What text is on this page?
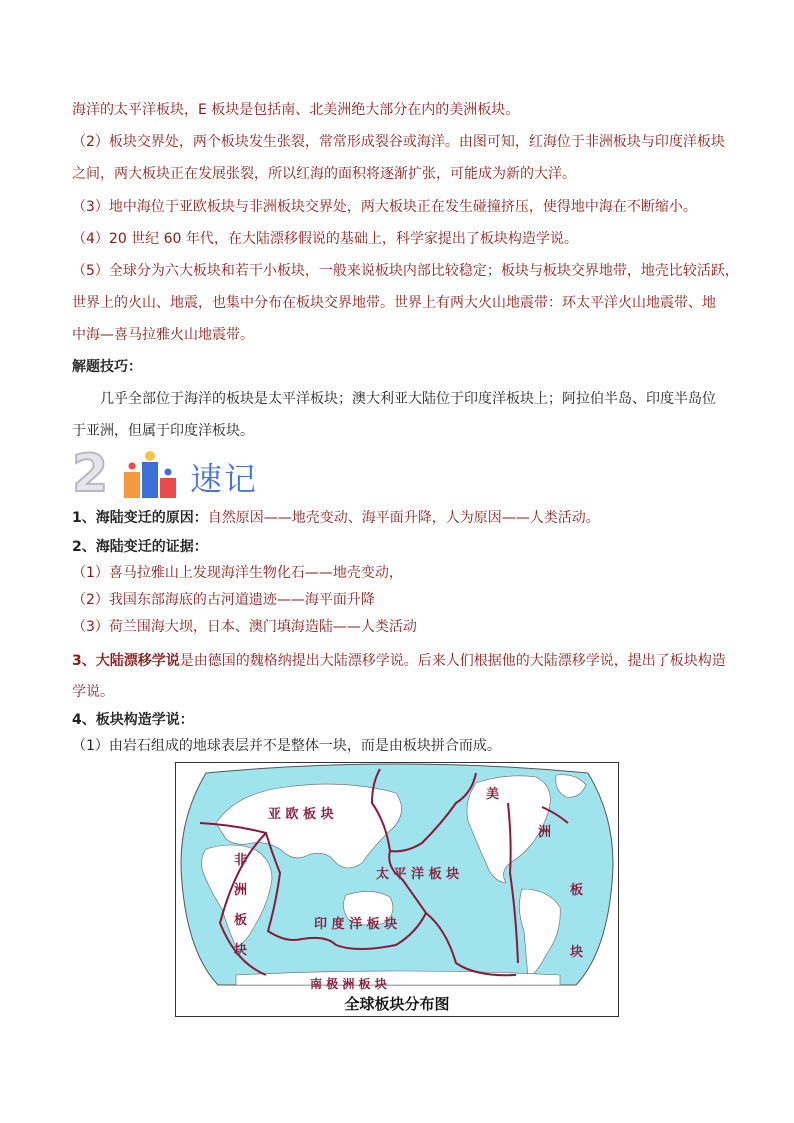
海洋的太平洋板块，E 板块是包括南、北美洲绝大部分在内的美洲板块。
（2）板块交界处，两个板块发生张裂，常常形成裂谷或海洋。由图可知，红海位于非洲板块与印度洋板块
之间，两大板块正在发展张裂，所以红海的面积将逐渐扩张，可能成为新的大洋。
（3）地中海位于亚欧板块与非洲板块交界处，两大板块正在发生碰撞挤压，使得地中海在不断缩小。
（4）20 世纪 60 年代，在大陆漂移假说的基础上，科学家提出了板块构造学说。
（5）全球分为六大板块和若干小板块，一般来说板块内部比较稳定；板块与板块交界地带，地壳比较活跃，
世界上的火山、地震，也集中分布在板块交界地带。世界上有两大火山地震带：环太平洋火山地震带、地
中海—喜马拉雅火山地震带。
解题技巧：
几乎全部位于海洋的板块是太平洋板块；澳大利亚大陆位于印度洋板块上；阿拉伯半岛、印度半岛位
于亚洲，但属于印度洋板块。
2	速记
1、海陆变迁的原因：自然原因——地壳变动、海平面升降，人为原因——人类活动。
2、海陆变迁的证据：
（1）喜马拉雅山上发现海洋生物化石——地壳变动，
（2）我国东部海底的古河道遗迹——海平面升降
（3）荷兰围海大坝，日本、澳门填海造陆——人类活动
3、大陆漂移学说是由德国的魏格纳提出大陆漂移学说。后来人们根据他的大陆漂移学说，提出了板块构造
学说。
4、板块构造学说：
（1）由岩石组成的地球表层并不是整体一块，而是由板块拼合而成。
亚 欧 板 块
非
洲
板
块
太 平 洋 板 块
印 度 洋 板 块
南 极 洲 板 块
美
洲
板
块
全球板块分布图
